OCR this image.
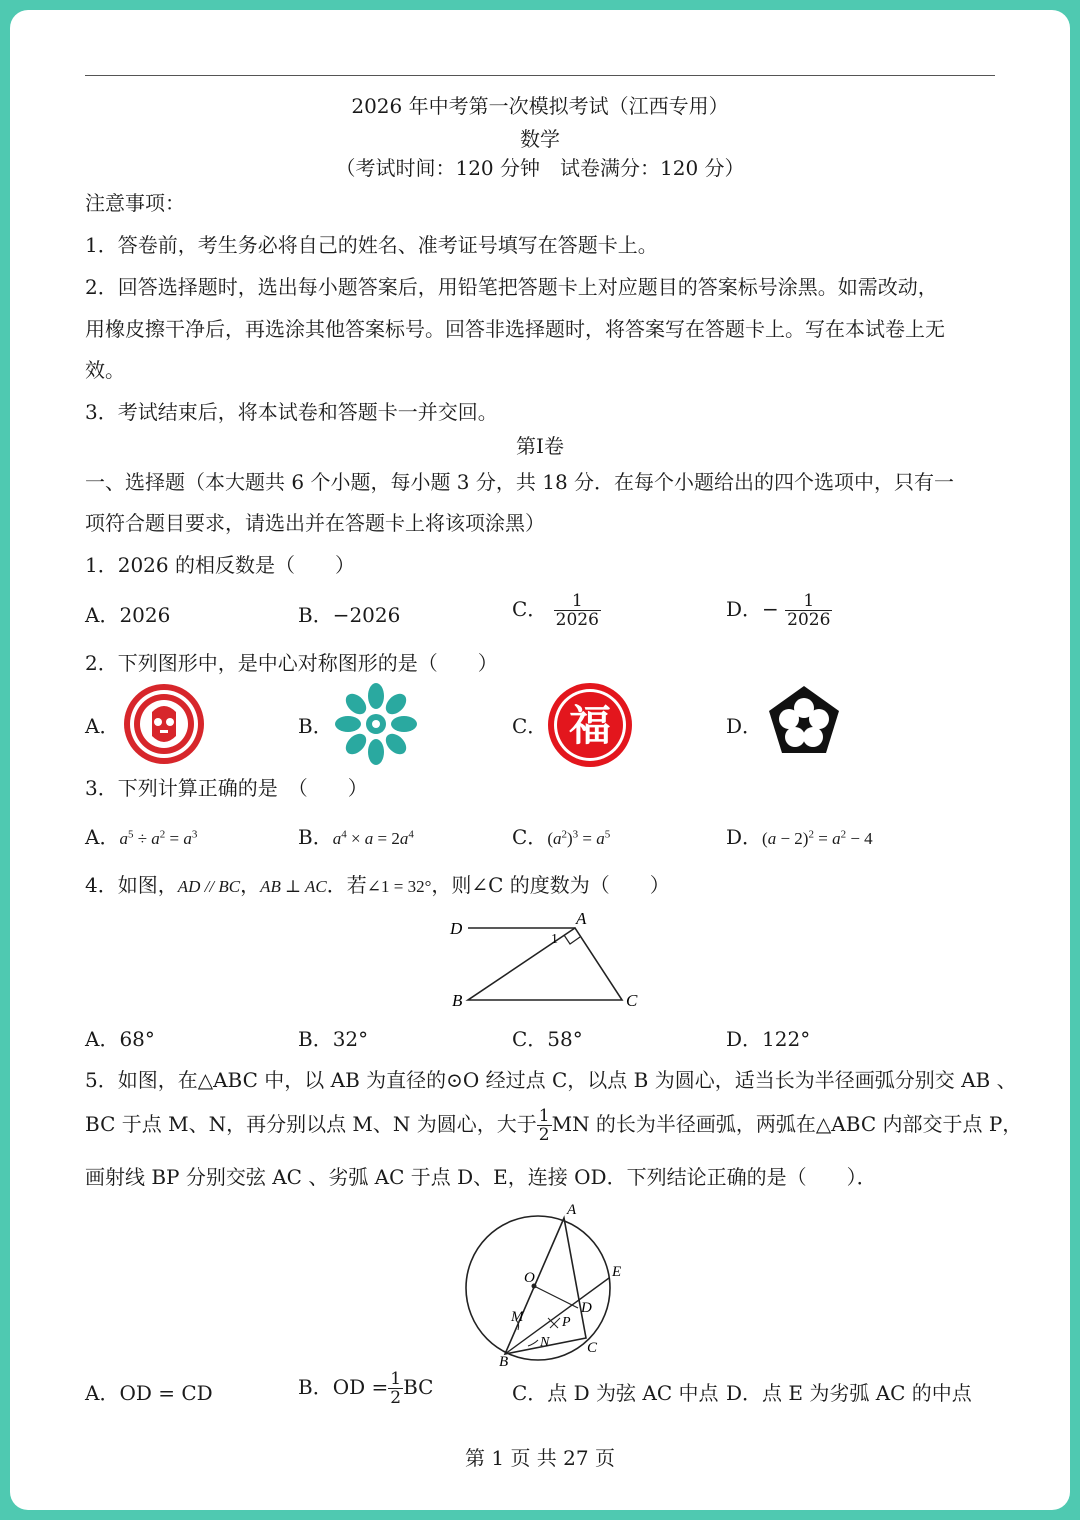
2026 年中考第一次模拟考试（江西专用）
数学
（考试时间：120 分钟　试卷满分：120 分）
注意事项：
1．答卷前，考生务必将自己的姓名、准考证号填写在答题卡上。
2．回答选择题时，选出每小题答案后，用铅笔把答题卡上对应题目的答案标号涂黑。如需改动，
用橡皮擦干净后，再选涂其他答案标号。回答非选择题时，将答案写在答题卡上。写在本试卷上无
效。
3．考试结束后，将本试卷和答题卡一并交回。
第Ⅰ卷
一、选择题（本大题共 6 个小题，每小题 3 分，共 18 分．在每个小题给出的四个选项中，只有一
项符合题目要求，请选出并在答题卡上将该项涂黑）
1．2026 的相反数是（　　）
A．2026	B．−2026	C． $\frac{1}{2026}$	D．− $\frac{1}{2026}$
2．下列图形中，是中心对称图形的是（　　）
A．	B．	C． 福	D．
3．下列计算正确的是　（　　）
A．$a^5 \div a^2 = a^3$	B．$a^4 \times a = 2a^4$	C．$(a^2)^3 = a^5$	D．$(a - 2)^2 = a^2 - 4$
4．如图，AD // BC，AB ⊥ AC．若∠1 = 32°，则∠C 的度数为（　　）
D
A
B	C
1
A．68°	B．32°	C．58°	D．122°
5．如图，在△ABC 中，以 AB 为直径的⊙O 经过点 C，以点 B 为圆心，适当长为半径画弧分别交 AB 、
BC 于点 M、N，再分别以点 M、N 为圆心，大于 $\frac{1}{2}$ MN 的长为半径画弧，两弧在△ABC 内部交于点 P，
画射线 BP 分别交弦 AC 、劣弧 AC 于点 D、E，连接 OD．下列结论正确的是（　　）．
A
O	E
M	P
D
N	C
B
A．OD = CD	B．OD = $\frac{1}{2}$ BC	C．点 D 为弦 AC 中点 D．点 E 为劣弧 AC 的中点
第 1 页 共 27 页
